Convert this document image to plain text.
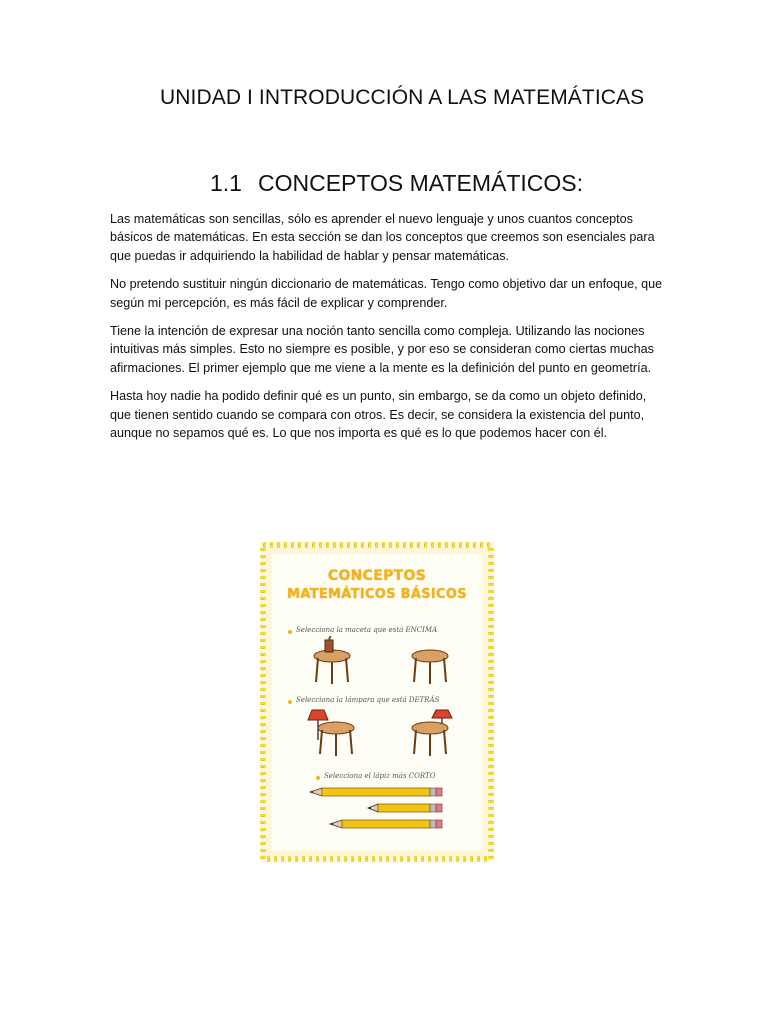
UNIDAD I INTRODUCCIÓN A LAS MATEMÁTICAS
1.1 CONCEPTOS MATEMÁTICOS:

Las matemáticas son sencillas, sólo es aprender el nuevo lenguaje y unos cuantos conceptos básicos de matemáticas. En esta sección se dan los conceptos que creemos son esenciales para que puedas ir adquiriendo la habilidad de hablar y pensar matemáticas.

No pretendo sustituir ningún diccionario de matemáticas. Tengo como objetivo dar un enfoque, que según mi percepción, es más fácil de explicar y comprender.

Tiene la intención de expresar una noción tanto sencilla como compleja. Utilizando las nociones intuitivas más simples. Esto no siempre es posible, y por eso se consideran como ciertas muchas afirmaciones. El primer ejemplo que me viene a la mente es la definición del punto en geometría.

Hasta hoy nadie ha podido definir qué es un punto, sin embargo, se da como un objeto definido, que tienen sentido cuando se compara con otros. Es decir, se considera la existencia del punto, aunque no sepamos qué es. Lo que nos importa es qué es lo que podemos hacer con él.

CONCEPTOS
MATEMÁTICOS BÁSICOS
Selecciona la maceta que está ENCIMA
Selecciona la lámpara que está DETRÁS
Selecciona el lápiz más CORTO
